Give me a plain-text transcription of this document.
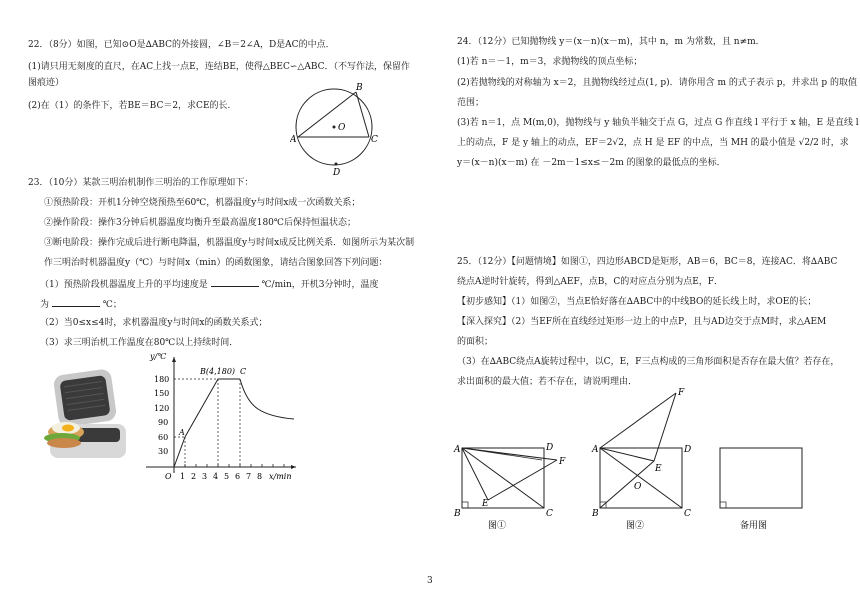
22．（8分）如图，已知⊙O是∆ABC的外接圆，∠B＝2∠A，D是AC的中点．
(1)请只用无刻度的直尺，在AC上找一点E，连结BE，使得△BEC∽△ABC．（不写作法，保留作
图痕迹）
(2)在（1）的条件下，若BE＝BC＝2，求CE的长.
A
B
C
O
D
23．（10分）某款三明治机制作三明治的工作原理如下：
①预热阶段：开机1分钟空烧预热至60℃，机器温度y与时间x成一次函数关系；
②操作阶段：操作3分钟后机器温度均衡升至最高温度180℃后保持恒温状态；
③断电阶段：操作完成后进行断电降温，机器温度y与时间x成反比例关系．如图所示为某次制
作三明治时机器温度y（℃）与时间x（min）的函数图象，请结合图象回答下列问题：
（1）预热阶段机器温度上升的平均速度是	℃/min，开机3分钟时，温度
为	℃；
（2）当0≤x≤4时，求机器温度y与时间x的函数关系式；
（3）求三明治机工作温度在80℃以上持续时间．
y/℃
x/min
O
180
150
120
90
60
30
1 2 3 4 5 6 7 8
A
B(4,180) C
24．（12分）已知抛物线 y＝(x－n)(x－m)，其中 n，m 为常数，且 n≠m．
(1)若 n＝－1，m＝3，求抛物线的顶点坐标；
(2)若抛物线的对称轴为 x＝2，且抛物线经过点(1, p)．请你用含 m 的式子表示 p，并求出 p 的取值
范围；
(3)若 n＝1，点 M(m,0)，抛物线与 y 轴负半轴交于点 G，过点 G 作直线 l 平行于 x 轴，E 是直线 l
上的动点，F 是 y 轴上的动点，EF＝2√2，点 H 是 EF 的中点，当 MH 的最小值是 √2/2 时，求
y＝(x－n)(x－m) 在 －2m－1≤x≤－2m 的图象的最低点的坐标．
25．（12分）【问题情境】如图①，四边形ABCD是矩形，AB＝6，BC＝8，连接AC．将∆ABC
绕点A逆时针旋转，得到△AEF，点B，C的对应点分别为点E，F．
【初步感知】（1）如图②，当点E恰好落在∆ABC中的中线BO的延长线上时，求OE的长；
【深入探究】（2）当EF所在直线经过矩形一边上的中点P，且与AD边交于点M时，求△AEM
的面积；
（3）在∆ABC绕点A旋转过程中，以C，E，F三点构成的三角形面积是否存在最大值？若存在，
求出面积的最大值；若不存在，请说明理由．
A
B	C
D
E
F
图①
A
B	C
D
E
F
O
图②	备用图
3
